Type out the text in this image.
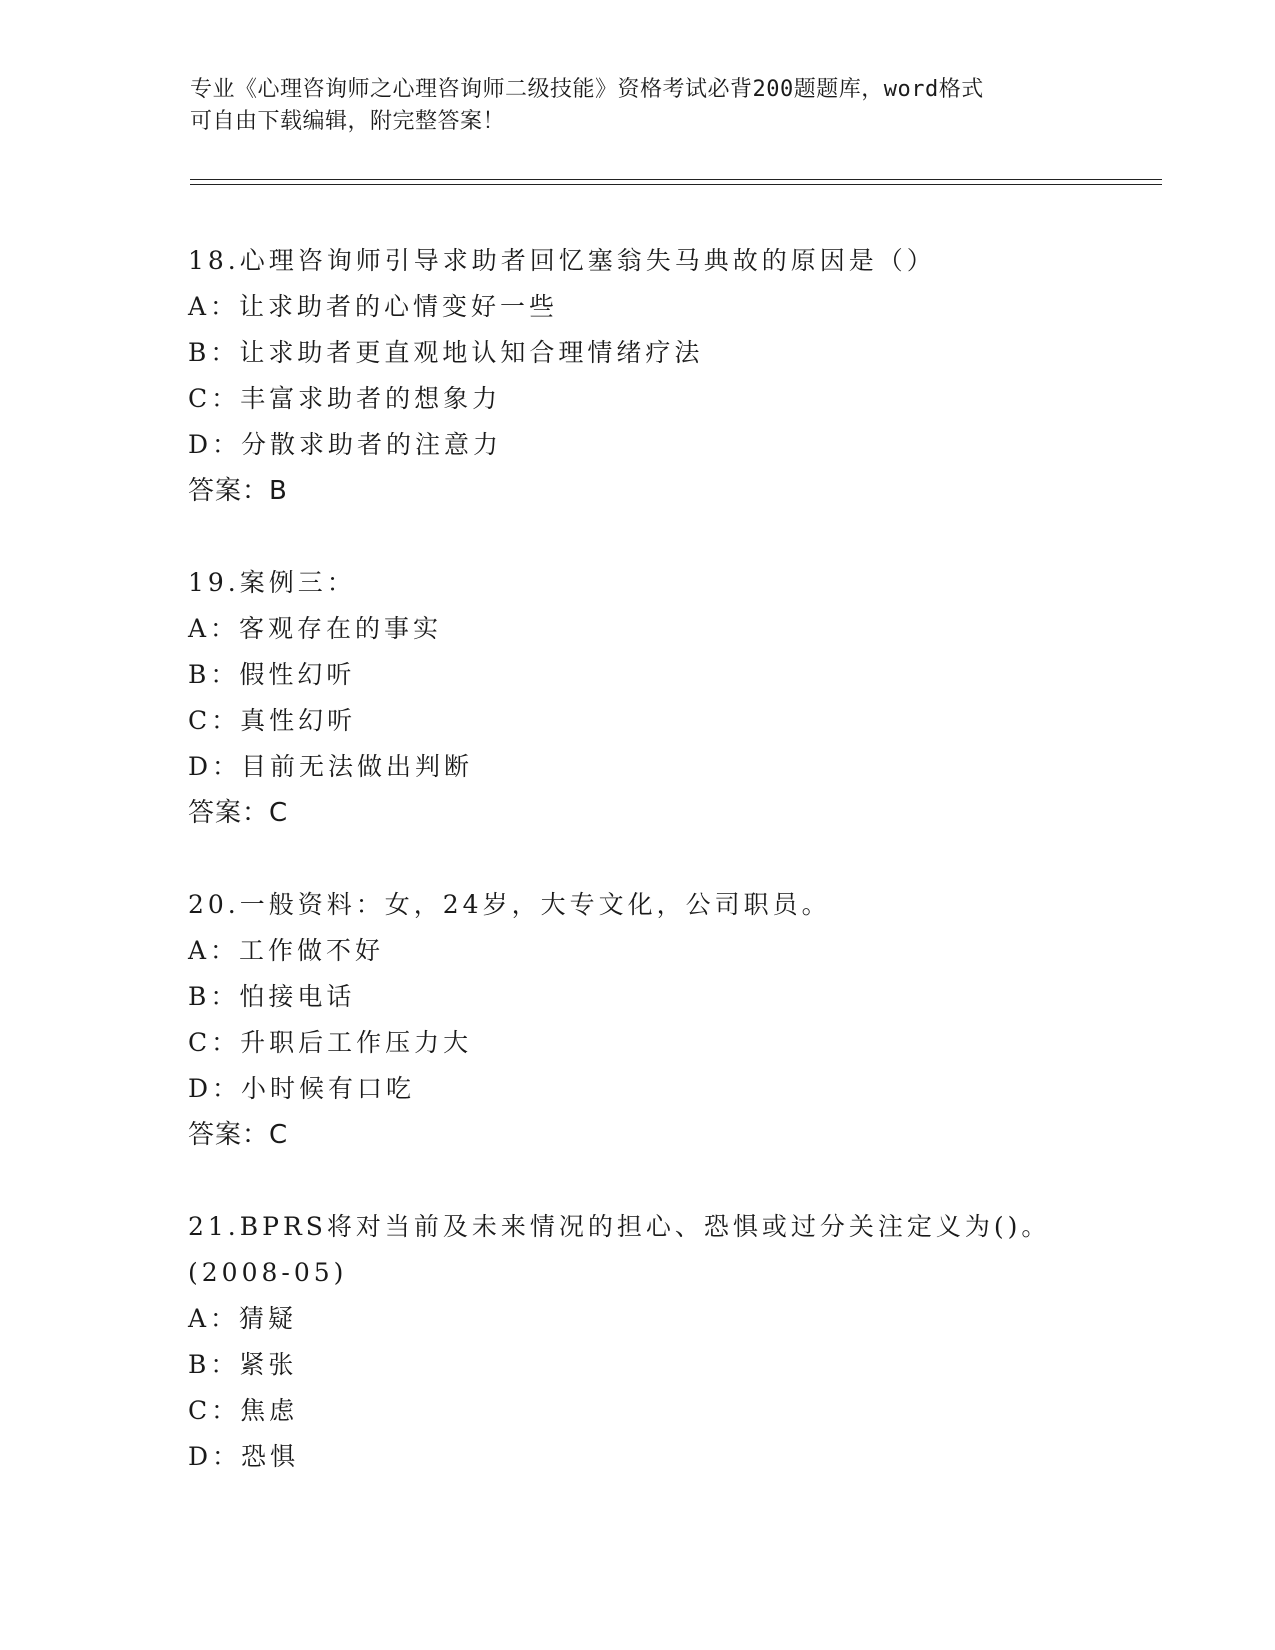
专业《心理咨询师之心理咨询师二级技能》资格考试必背200题题库，word格式
可自由下载编辑，附完整答案！
18.心理咨询师引导求助者回忆塞翁失马典故的原因是（）
A：让求助者的心情变好一些
B：让求助者更直观地认知合理情绪疗法
C：丰富求助者的想象力
D：分散求助者的注意力
答案：B
19.案例三：
A：客观存在的事实
B：假性幻听
C：真性幻听
D：目前无法做出判断
答案：C
20.一般资料：女，24岁，大专文化，公司职员。
A：工作做不好
B：怕接电话
C：升职后工作压力大
D：小时候有口吃
答案：C
21.BPRS将对当前及未来情况的担心、恐惧或过分关注定义为()。
(2008-05)
A：猜疑
B：紧张
C：焦虑
D：恐惧
